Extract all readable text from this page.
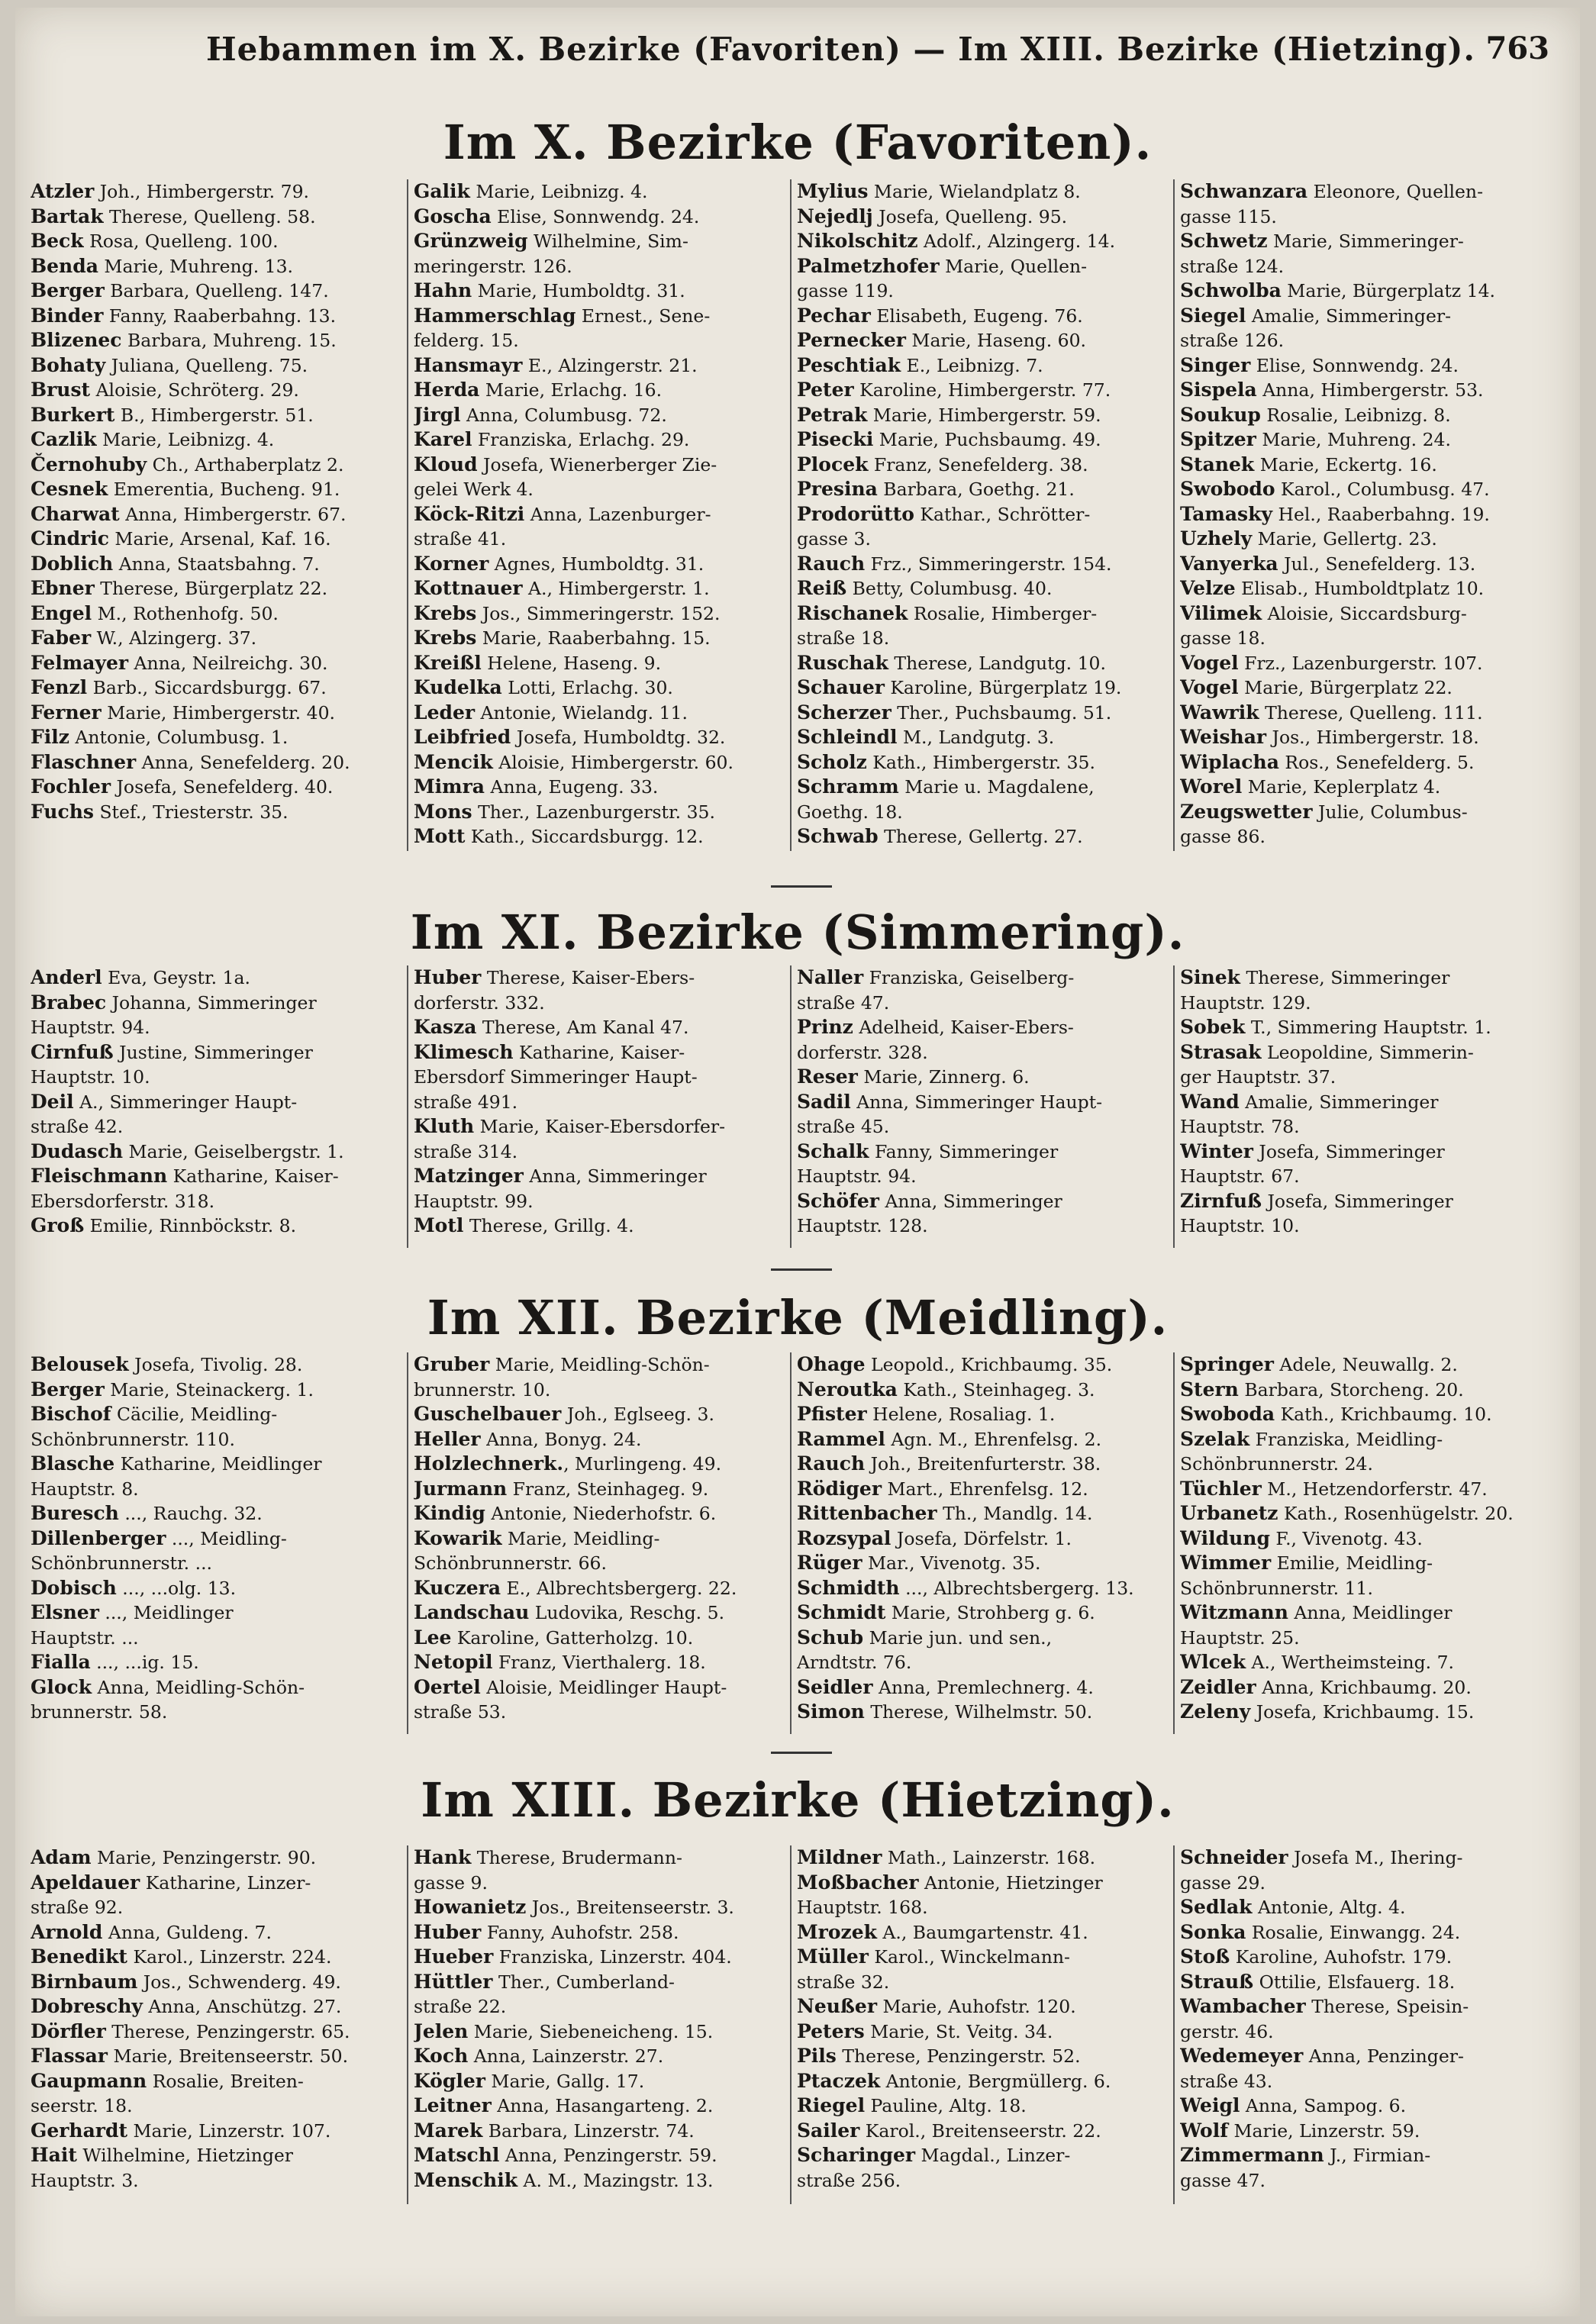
Hebammen im X. Bezirke (Favoriten) — Im XIII. Bezirke (Hietzing). 763
Im X. Bezirke (Favoriten).
Atzler Joh., Himbergerstr. 79.
Bartak Therese, Quelleng. 58.
Beck Rosa, Quelleng. 100.
Benda Marie, Muhreng. 13.
Berger Barbara, Quelleng. 147.
Binder Fanny, Raaberbahng. 13.
Blizenec Barbara, Muhreng. 15.
Bohaty Juliana, Quelleng. 75.
Brust Aloisie, Schröterg. 29.
Burkert B., Himbergerstr. 51.
Cazlik Marie, Leibnizg. 4.
Černohuby Ch., Arthaberplatz 2.
Cesnek Emerentia, Bucheng. 91.
Charwat Anna, Himbergerstr. 67.
Cindric Marie, Arsenal, Kaf. 16.
Doblich Anna, Staatsbahng. 7.
Ebner Therese, Bürgerplatz 22.
Engel M., Rothenhofg. 50.
Faber W., Alzingerg. 37.
Felmayer Anna, Neilreichg. 30.
Fenzl Barb., Siccardsburgg. 67.
Ferner Marie, Himbergerstr. 40.
Filz Antonie, Columbusg. 1.
Flaschner Anna, Senefelderg. 20.
Fochler Josefa, Senefelderg. 40.
Fuchs Stef., Triesterstr. 35.
Galik Marie, Leibnizg. 4.
Goscha Elise, Sonnwendg. 24.
Grünzweig Wilhelmine, Sim-
meringerstr. 126.
Hahn Marie, Humboldtg. 31.
Hammerschlag Ernest., Sene-
felderg. 15.
Hansmayr E., Alzingerstr. 21.
Herda Marie, Erlachg. 16.
Jirgl Anna, Columbusg. 72.
Karel Franziska, Erlachg. 29.
Kloud Josefa, Wienerberger Zie-
gelei Werk 4.
Köck-Ritzi Anna, Lazenburger-
straße 41.
Korner Agnes, Humboldtg. 31.
Kottnauer A., Himbergerstr. 1.
Krebs Jos., Simmeringerstr. 152.
Krebs Marie, Raaberbahng. 15.
Kreißl Helene, Haseng. 9.
Kudelka Lotti, Erlachg. 30.
Leder Antonie, Wielandg. 11.
Leibfried Josefa, Humboldtg. 32.
Mencik Aloisie, Himbergerstr. 60.
Mimra Anna, Eugeng. 33.
Mons Ther., Lazenburgerstr. 35.
Mott Kath., Siccardsburgg. 12.
Mylius Marie, Wielandplatz 8.
Nejedlj Josefa, Quelleng. 95.
Nikolschitz Adolf., Alzingerg. 14.
Palmetzhofer Marie, Quellen-
gasse 119.
Pechar Elisabeth, Eugeng. 76.
Pernecker Marie, Haseng. 60.
Peschtiak E., Leibnizg. 7.
Peter Karoline, Himbergerstr. 77.
Petrak Marie, Himbergerstr. 59.
Pisecki Marie, Puchsbaumg. 49.
Plocek Franz, Senefelderg. 38.
Presina Barbara, Goethg. 21.
Prodorütto Kathar., Schrötter-
gasse 3.
Rauch Frz., Simmeringerstr. 154.
Reiß Betty, Columbusg. 40.
Rischanek Rosalie, Himberger-
straße 18.
Ruschak Therese, Landgutg. 10.
Schauer Karoline, Bürgerplatz 19.
Scherzer Ther., Puchsbaumg. 51.
Schleindl M., Landgutg. 3.
Scholz Kath., Himbergerstr. 35.
Schramm Marie u. Magdalene,
Goethg. 18.
Schwab Therese, Gellertg. 27.
Schwanzara Eleonore, Quellen-
gasse 115.
Schwetz Marie, Simmeringer-
straße 124.
Schwolba Marie, Bürgerplatz 14.
Siegel Amalie, Simmeringer-
straße 126.
Singer Elise, Sonnwendg. 24.
Sispela Anna, Himbergerstr. 53.
Soukup Rosalie, Leibnizg. 8.
Spitzer Marie, Muhreng. 24.
Stanek Marie, Eckertg. 16.
Swobodo Karol., Columbusg. 47.
Tamasky Hel., Raaberbahng. 19.
Uzhely Marie, Gellertg. 23.
Vanyerka Jul., Senefelderg. 13.
Velze Elisab., Humboldtplatz 10.
Vilimek Aloisie, Siccardsburg-
gasse 18.
Vogel Frz., Lazenburgerstr. 107.
Vogel Marie, Bürgerplatz 22.
Wawrik Therese, Quelleng. 111.
Weishar Jos., Himbergerstr. 18.
Wiplacha Ros., Senefelderg. 5.
Worel Marie, Keplerplatz 4.
Zeugswetter Julie, Columbus-
gasse 86.
Im XI. Bezirke (Simmering).
Anderl Eva, Geystr. 1a.
Brabec Johanna, Simmeringer
Hauptstr. 94.
Cirnfuß Justine, Simmeringer
Hauptstr. 10.
Deil A., Simmeringer Haupt-
straße 42.
Dudasch Marie, Geiselbergstr. 1.
Fleischmann Katharine, Kaiser-
Ebersdorferstr. 318.
Groß Emilie, Rinnböckstr. 8.
Huber Therese, Kaiser-Ebers-
dorferstr. 332.
Kasza Therese, Am Kanal 47.
Klimesch Katharine, Kaiser-
Ebersdorf Simmeringer Haupt-
straße 491.
Kluth Marie, Kaiser-Ebersdorfer-
straße 314.
Matzinger Anna, Simmeringer
Hauptstr. 99.
Motl Therese, Grillg. 4.
Naller Franziska, Geiselberg-
straße 47.
Prinz Adelheid, Kaiser-Ebers-
dorferstr. 328.
Reser Marie, Zinnerg. 6.
Sadil Anna, Simmeringer Haupt-
straße 45.
Schalk Fanny, Simmeringer
Hauptstr. 94.
Schöfer Anna, Simmeringer
Hauptstr. 128.
Sinek Therese, Simmeringer
Hauptstr. 129.
Sobek T., Simmering Hauptstr. 1.
Strasak Leopoldine, Simmerin-
ger Hauptstr. 37.
Wand Amalie, Simmeringer
Hauptstr. 78.
Winter Josefa, Simmeringer
Hauptstr. 67.
Zirnfuß Josefa, Simmeringer
Hauptstr. 10.
Im XII. Bezirke (Meidling).
Belousek Josefa, Tivolig. 28.
Berger Marie, Steinackerg. 1.
Bischof Cäcilie, Meidling-
Schönbrunnerstr. 110.
Blasche Katharine, Meidlinger
Hauptstr. 8.
Buresch ..., Rauchg. 32.
Dillenberger ..., Meidling-
Schönbrunnerstr. ...
Dobisch ..., ...olg. 13.
Elsner ..., Meidlinger
Hauptstr. ...
Fialla ..., ...ig. 15.
Glock Anna, Meidling-Schön-
brunnerstr. 58.
Gruber Marie, Meidling-Schön-
brunnerstr. 10.
Guschelbauer Joh., Eglseeg. 3.
Heller Anna, Bonyg. 24.
Holzlechnerk., Murlingeng. 49.
Jurmann Franz, Steinhageg. 9.
Kindig Antonie, Niederhofstr. 6.
Kowarik Marie, Meidling-
Schönbrunnerstr. 66.
Kuczera E., Albrechtsbergerg. 22.
Landschau Ludovika, Reschg. 5.
Lee Karoline, Gatterholzg. 10.
Netopil Franz, Vierthalerg. 18.
Oertel Aloisie, Meidlinger Haupt-
straße 53.
Ohage Leopold., Krichbaumg. 35.
Neroutka Kath., Steinhageg. 3.
Pfister Helene, Rosaliag. 1.
Rammel Agn. M., Ehrenfelsg. 2.
Rauch Joh., Breitenfurterstr. 38.
Rödiger Mart., Ehrenfelsg. 12.
Rittenbacher Th., Mandlg. 14.
Rozsypal Josefa, Dörfelstr. 1.
Rüger Mar., Vivenotg. 35.
Schmidth ..., Albrechtsbergerg. 13.
Schmidt Marie, Strohberg g. 6.
Schub Marie jun. und sen.,
Arndtstr. 76.
Seidler Anna, Premlechnerg. 4.
Simon Therese, Wilhelmstr. 50.
Springer Adele, Neuwallg. 2.
Stern Barbara, Storcheng. 20.
Swoboda Kath., Krichbaumg. 10.
Szelak Franziska, Meidling-
Schönbrunnerstr. 24.
Tüchler M., Hetzendorferstr. 47.
Urbanetz Kath., Rosenhügelstr. 20.
Wildung F., Vivenotg. 43.
Wimmer Emilie, Meidling-
Schönbrunnerstr. 11.
Witzmann Anna, Meidlinger
Hauptstr. 25.
Wlcek A., Wertheimsteing. 7.
Zeidler Anna, Krichbaumg. 20.
Zeleny Josefa, Krichbaumg. 15.
Im XIII. Bezirke (Hietzing).
Adam Marie, Penzingerstr. 90.
Apeldauer Katharine, Linzer-
straße 92.
Arnold Anna, Guldeng. 7.
Benedikt Karol., Linzerstr. 224.
Birnbaum Jos., Schwenderg. 49.
Dobreschy Anna, Anschützg. 27.
Dörfler Therese, Penzingerstr. 65.
Flassar Marie, Breitenseerstr. 50.
Gaupmann Rosalie, Breiten-
seerstr. 18.
Gerhardt Marie, Linzerstr. 107.
Hait Wilhelmine, Hietzinger
Hauptstr. 3.
Hank Therese, Brudermann-
gasse 9.
Howanietz Jos., Breitenseerstr. 3.
Huber Fanny, Auhofstr. 258.
Hueber Franziska, Linzerstr. 404.
Hüttler Ther., Cumberland-
straße 22.
Jelen Marie, Siebeneicheng. 15.
Koch Anna, Lainzerstr. 27.
Kögler Marie, Gallg. 17.
Leitner Anna, Hasangarteng. 2.
Marek Barbara, Linzerstr. 74.
Matschl Anna, Penzingerstr. 59.
Menschik A. M., Mazingstr. 13.
Mildner Math., Lainzerstr. 168.
Moßbacher Antonie, Hietzinger
Hauptstr. 168.
Mrozek A., Baumgartenstr. 41.
Müller Karol., Winckelmann-
straße 32.
Neußer Marie, Auhofstr. 120.
Peters Marie, St. Veitg. 34.
Pils Therese, Penzingerstr. 52.
Ptaczek Antonie, Bergmüllerg. 6.
Riegel Pauline, Altg. 18.
Sailer Karol., Breitenseerstr. 22.
Scharinger Magdal., Linzer-
straße 256.
Schneider Josefa M., Ihering-
gasse 29.
Sedlak Antonie, Altg. 4.
Sonka Rosalie, Einwangg. 24.
Stoß Karoline, Auhofstr. 179.
Strauß Ottilie, Elsfauerg. 18.
Wambacher Therese, Speisin-
gerstr. 46.
Wedemeyer Anna, Penzinger-
straße 43.
Weigl Anna, Sampog. 6.
Wolf Marie, Linzerstr. 59.
Zimmermann J., Firmian-
gasse 47.
